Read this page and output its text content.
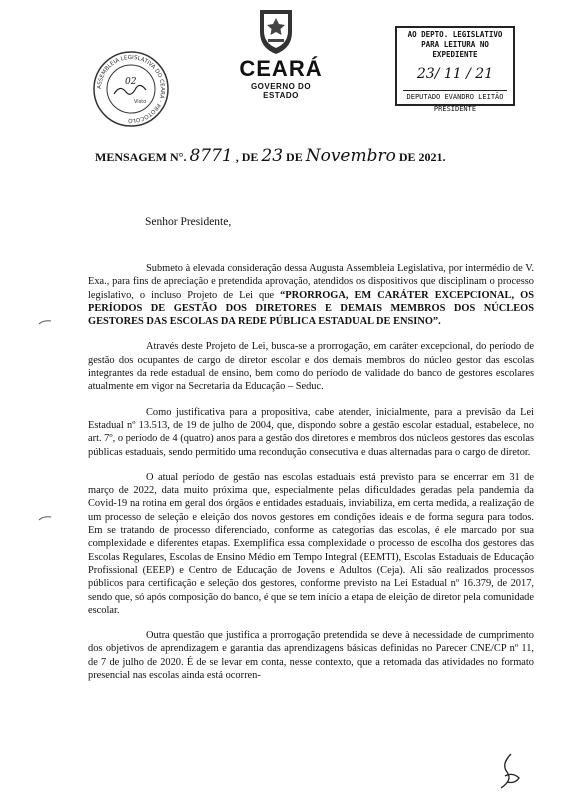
ASSEMBLEIA LEGISLATIVA DO CEARÁ · PROTOCOLO
02
Visto
CEARÁ
GOVERNO DO ESTADO
AO DEPTO. LEGISLATIVO
PARA LEITURA NO EXPEDIENTE
23/ 11 / 21
DEPUTADO EVANDRO LEITÃO
PRESIDENTE
MENSAGEM N°. 8771 , DE 23 DE Novembro DE 2021.
Senhor Presidente,

Submeto à elevada consideração dessa Augusta Assembleia Legislativa, por intermédio de V. Exa., para fins de apreciação e pretendida aprovação, atendidos os dispositivos que disciplinam o processo legislativo, o incluso Projeto de Lei que “PRORROGA, EM CARÁTER EXCEPCIONAL, OS PERÍODOS DE GESTÃO DOS DIRETORES E DEMAIS MEMBROS DOS NÚCLEOS GESTORES DAS ESCOLAS DA REDE PÚBLICA ESTADUAL DE ENSINO”.

Através deste Projeto de Lei, busca-se a prorrogação, em caráter excepcional, do período de gestão dos ocupantes de cargo de diretor escolar e dos demais membros do núcleo gestor das escolas integrantes da rede estadual de ensino, bem como do período de validade do banco de gestores escolares atualmente em vigor na Secretaria da Educação – Seduc.

Como justificativa para a propositiva, cabe atender, inicialmente, para a previsão da Lei Estadual nº 13.513, de 19 de julho de 2004, que, dispondo sobre a gestão escolar estadual, estabelece, no art. 7º, o período de 4 (quatro) anos para a gestão dos diretores e membros dos núcleos gestores das escolas públicas estaduais, sendo permitido uma recondução consecutiva e duas alternadas para o cargo de diretor.

O atual período de gestão nas escolas estaduais está previsto para se encerrar em 31 de março de 2022, data muito próxima que, especialmente pelas dificuldades geradas pela pandemia da Covid-19 na rotina em geral dos órgãos e entidades estaduais, inviabiliza, em certa medida, a realização de um processo de seleção e eleição dos novos gestores em condições ideais e de forma segura para todos. Em se tratando de processo diferenciado, conforme as categorias das escolas, é ele marcado por sua complexidade e diferentes etapas. Exemplifica essa complexidade o processo de escolha dos gestores das Escolas Regulares, Escolas de Ensino Médio em Tempo Integral (EEMTI), Escolas Estaduais de Educação Profissional (EEEP) e Centro de Educação de Jovens e Adultos (Ceja). Ali são realizados processos públicos para certificação e seleção dos gestores, conforme previsto na Lei Estadual nº 16.379, de 2017, sendo que, só após composição do banco, é que se tem início a etapa de eleição de diretor pela comunidade escolar.

Outra questão que justifica a prorrogação pretendida se deve à necessidade de cumprimento dos objetivos de aprendizagem e garantia das aprendizagens básicas definidas no Parecer CNE/CP nº 11, de 7 de julho de 2020. É de se levar em conta, nesse contexto, que a retomada das atividades no formato presencial nas escolas ainda está ocorren-
